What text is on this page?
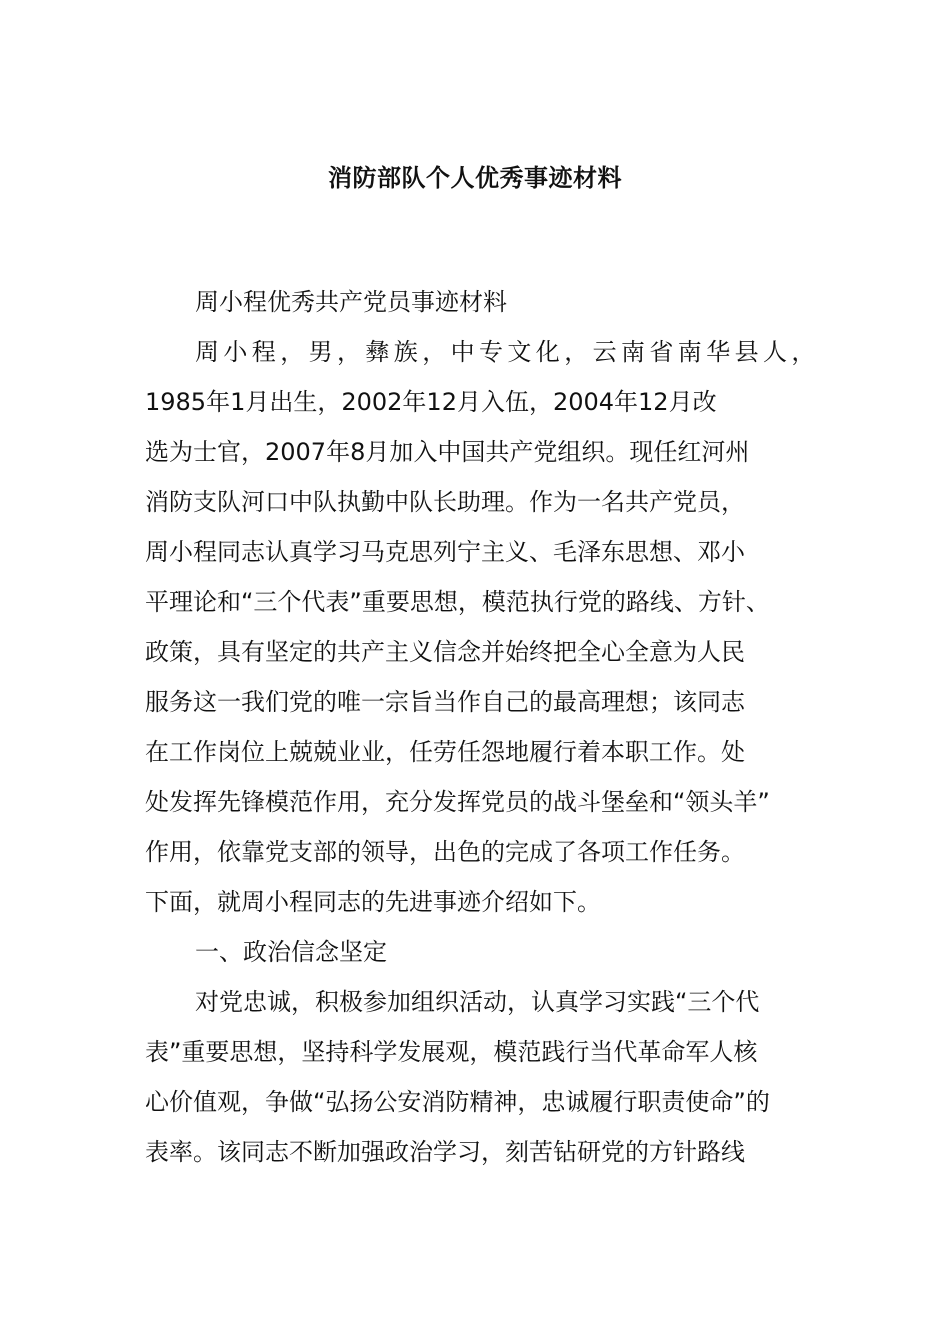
消防部队个人优秀事迹材料
周小程优秀共产党员事迹材料
周小程，男，彝族，中专文化，云南省南华县人，
1985年1月出生，2002年12月入伍，2004年12月改
选为士官，2007年8月加入中国共产党组织。现任红河州
消防支队河口中队执勤中队长助理。作为一名共产党员，
周小程同志认真学习马克思列宁主义、毛泽东思想、邓小
平理论和“三个代表”重要思想，模范执行党的路线、方针、
政策，具有坚定的共产主义信念并始终把全心全意为人民
服务这一我们党的唯一宗旨当作自己的最高理想；该同志
在工作岗位上兢兢业业，任劳任怨地履行着本职工作。处
处发挥先锋模范作用，充分发挥党员的战斗堡垒和“领头羊”
作用，依靠党支部的领导，出色的完成了各项工作任务。
下面，就周小程同志的先进事迹介绍如下。
一、政治信念坚定
对党忠诚，积极参加组织活动，认真学习实践“三个代
表”重要思想，坚持科学发展观，模范践行当代革命军人核
心价值观，争做“弘扬公安消防精神，忠诚履行职责使命”的
表率。该同志不断加强政治学习，刻苦钻研党的方针路线
